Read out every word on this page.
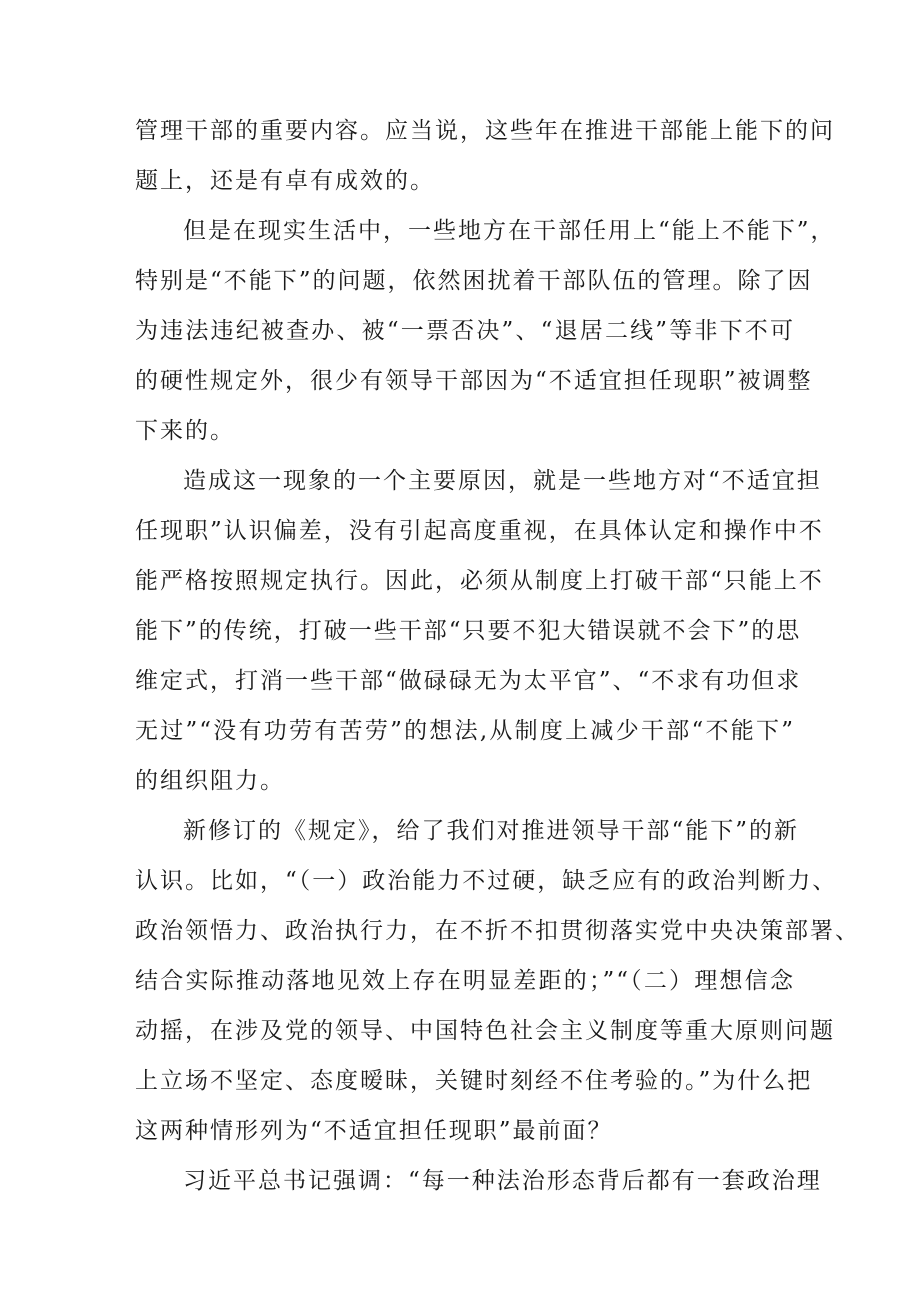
管理干部的重要内容。应当说，这些年在推进干部能上能下的问
题上，还是有卓有成效的。
但是在现实生活中，一些地方在干部任用上“能上不能下”，
特别是“不能下”的问题，依然困扰着干部队伍的管理。除了因
为违法违纪被查办、被“一票否决”、“退居二线”等非下不可
的硬性规定外，很少有领导干部因为“不适宜担任现职”被调整
下来的。
造成这一现象的一个主要原因，就是一些地方对“不适宜担
任现职”认识偏差，没有引起高度重视，在具体认定和操作中不
能严格按照规定执行。因此，必须从制度上打破干部“只能上不
能下”的传统，打破一些干部“只要不犯大错误就不会下”的思
维定式，打消一些干部“做碌碌无为太平官”、“不求有功但求
无过”“没有功劳有苦劳”的想法,从制度上减少干部“不能下”
的组织阻力。
新修订的《规定》，给了我们对推进领导干部“能下”的新
认识。比如，“（一）政治能力不过硬，缺乏应有的政治判断力、
政治领悟力、政治执行力，在不折不扣贯彻落实党中央决策部署、
结合实际推动落地见效上存在明显差距的；”“（二）理想信念
动摇，在涉及党的领导、中国特色社会主义制度等重大原则问题
上立场不坚定、态度暧昧，关键时刻经不住考验的。”为什么把
这两种情形列为“不适宜担任现职”最前面？
习近平总书记强调：“每一种法治形态背后都有一套政治理
